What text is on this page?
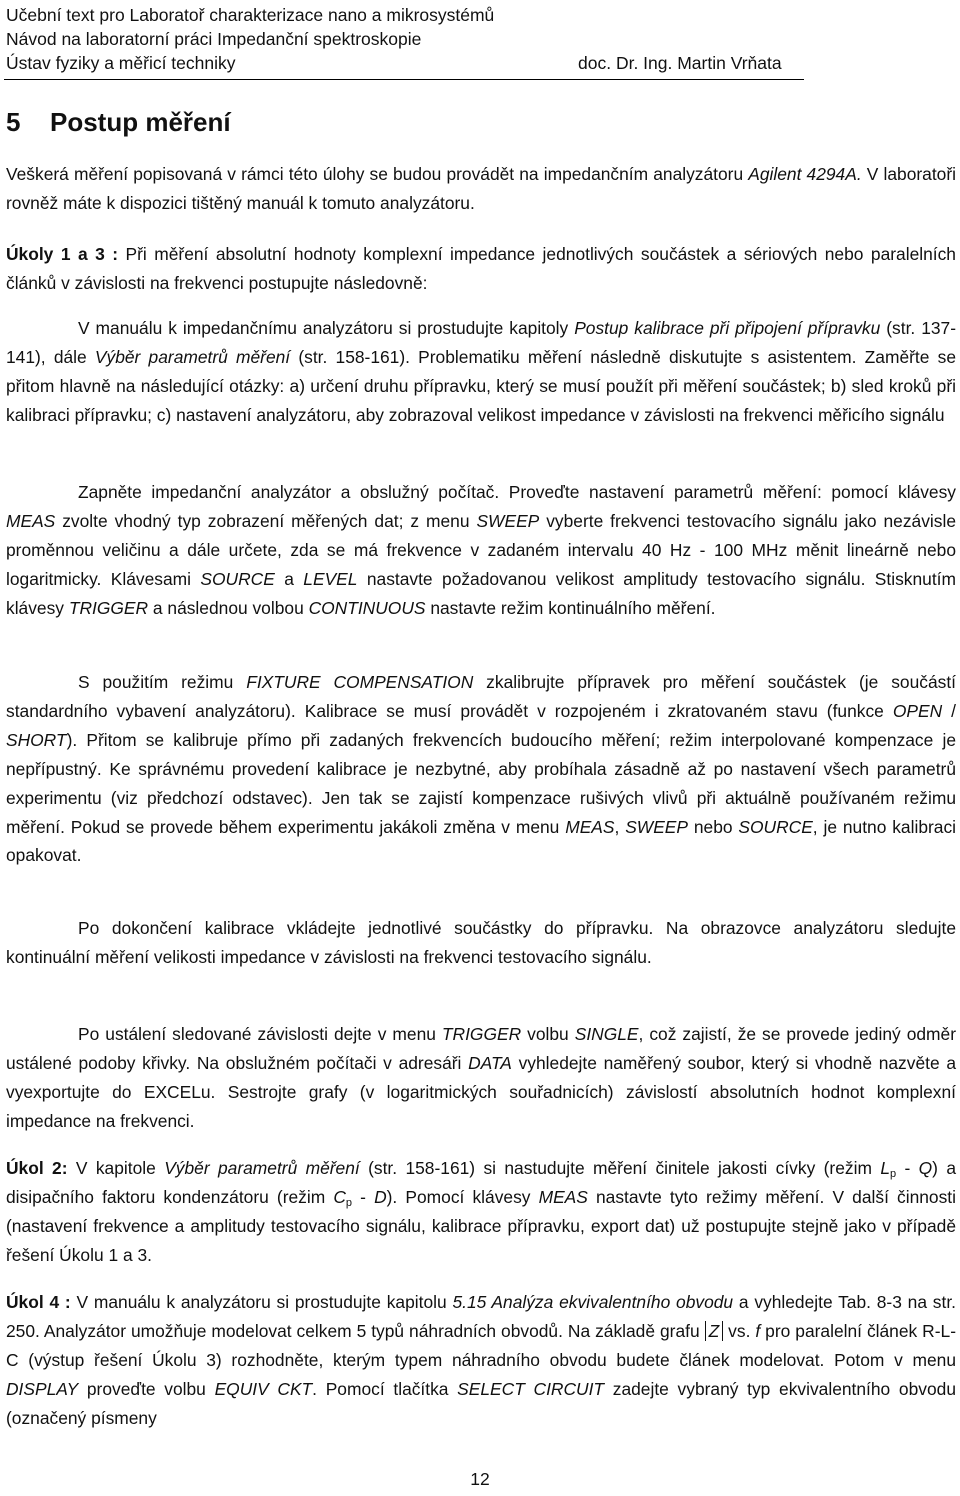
Učební text pro Laboratoř charakterizace nano a mikrosystémů
Návod na laboratorní práci Impedanční spektroskopie
Ústav fyziky a měřicí techniky	doc. Dr. Ing. Martin Vrňata
5 Postup měření

Veškerá měření popisovaná v rámci této úlohy se budou provádět na impedančním analyzátoru Agilent 4294A. V laboratoři rovněž máte k dispozici tištěný manuál k tomuto analyzátoru.

Úkoly 1 a 3 : Při měření absolutní hodnoty komplexní impedance jednotlivých součástek a sériových nebo paralelních článků v závislosti na frekvenci postupujte následovně:

V manuálu k impedančnímu analyzátoru si prostudujte kapitoly Postup kalibrace při připojení přípravku (str. 137-141), dále Výběr parametrů měření (str. 158-161). Problematiku měření následně diskutujte s asistentem. Zaměřte se přitom hlavně na následující otázky: a) určení druhu přípravku, který se musí použít při měření součástek; b) sled kroků při kalibraci přípravku; c) nastavení analyzátoru, aby zobrazoval velikost impedance v závislosti na frekvenci měřicího signálu

Zapněte impedanční analyzátor a obslužný počítač. Proveďte nastavení parametrů měření: pomocí klávesy MEAS zvolte vhodný typ zobrazení měřených dat; z menu SWEEP vyberte frekvenci testovacího signálu jako nezávisle proměnnou veličinu a dále určete, zda se má frekvence v zadaném intervalu 40 Hz - 100 MHz měnit lineárně nebo logaritmicky. Klávesami SOURCE a LEVEL nastavte požadovanou velikost amplitudy testovacího signálu. Stisknutím klávesy TRIGGER a následnou volbou CONTINUOUS nastavte režim kontinuálního měření.

S použitím režimu FIXTURE COMPENSATION zkalibrujte přípravek pro měření součástek (je součástí standardního vybavení analyzátoru). Kalibrace se musí provádět v rozpojeném i zkratovaném stavu (funkce OPEN / SHORT). Přitom se kalibruje přímo při zadaných frekvencích budoucího měření; režim interpolované kompenzace je nepřípustný. Ke správnému provedení kalibrace je nezbytné, aby probíhala zásadně až po nastavení všech parametrů experimentu (viz předchozí odstavec). Jen tak se zajistí kompenzace rušivých vlivů při aktuálně používaném režimu měření. Pokud se provede během experimentu jakákoli změna v menu MEAS, SWEEP nebo SOURCE, je nutno kalibraci opakovat.

Po dokončení kalibrace vkládejte jednotlivé součástky do přípravku. Na obrazovce analyzátoru sledujte kontinuální měření velikosti impedance v závislosti na frekvenci testovacího signálu.

Po ustálení sledované závislosti dejte v menu TRIGGER volbu SINGLE, což zajistí, že se provede jediný odměr ustálené podoby křivky. Na obslužném počítači v adresáři DATA vyhledejte naměřený soubor, který si vhodně nazvěte a vyexportujte do EXCELu. Sestrojte grafy (v logaritmických souřadnicích) závislostí absolutních hodnot komplexní impedance na frekvenci.

Úkol 2: V kapitole Výběr parametrů měření (str. 158-161) si nastudujte měření činitele jakosti cívky (režim $L_p - Q$) a disipačního faktoru kondenzátoru (režim $C_p - D$). Pomocí klávesy MEAS nastavte tyto režimy měření. V další činnosti (nastavení frekvence a amplitudy testovacího signálu, kalibrace přípravku, export dat) už postupujte stejně jako v případě řešení Úkolu 1 a 3.

Úkol 4 : V manuálu k analyzátoru si prostudujte kapitolu 5.15 Analýza ekvivalentního obvodu a vyhledejte Tab. 8-3 na str. 250. Analyzátor umožňuje modelovat celkem 5 typů náhradních obvodů. Na základě grafu Z vs. f pro paralelní článek R-L-C (výstup řešení Úkolu 3) rozhodněte, kterým typem náhradního obvodu budete článek modelovat. Potom v menu DISPLAY proveďte volbu EQUIV CKT. Pomocí tlačítka SELECT CIRCUIT zadejte vybraný typ ekvivalentního obvodu (označený písmeny

12
